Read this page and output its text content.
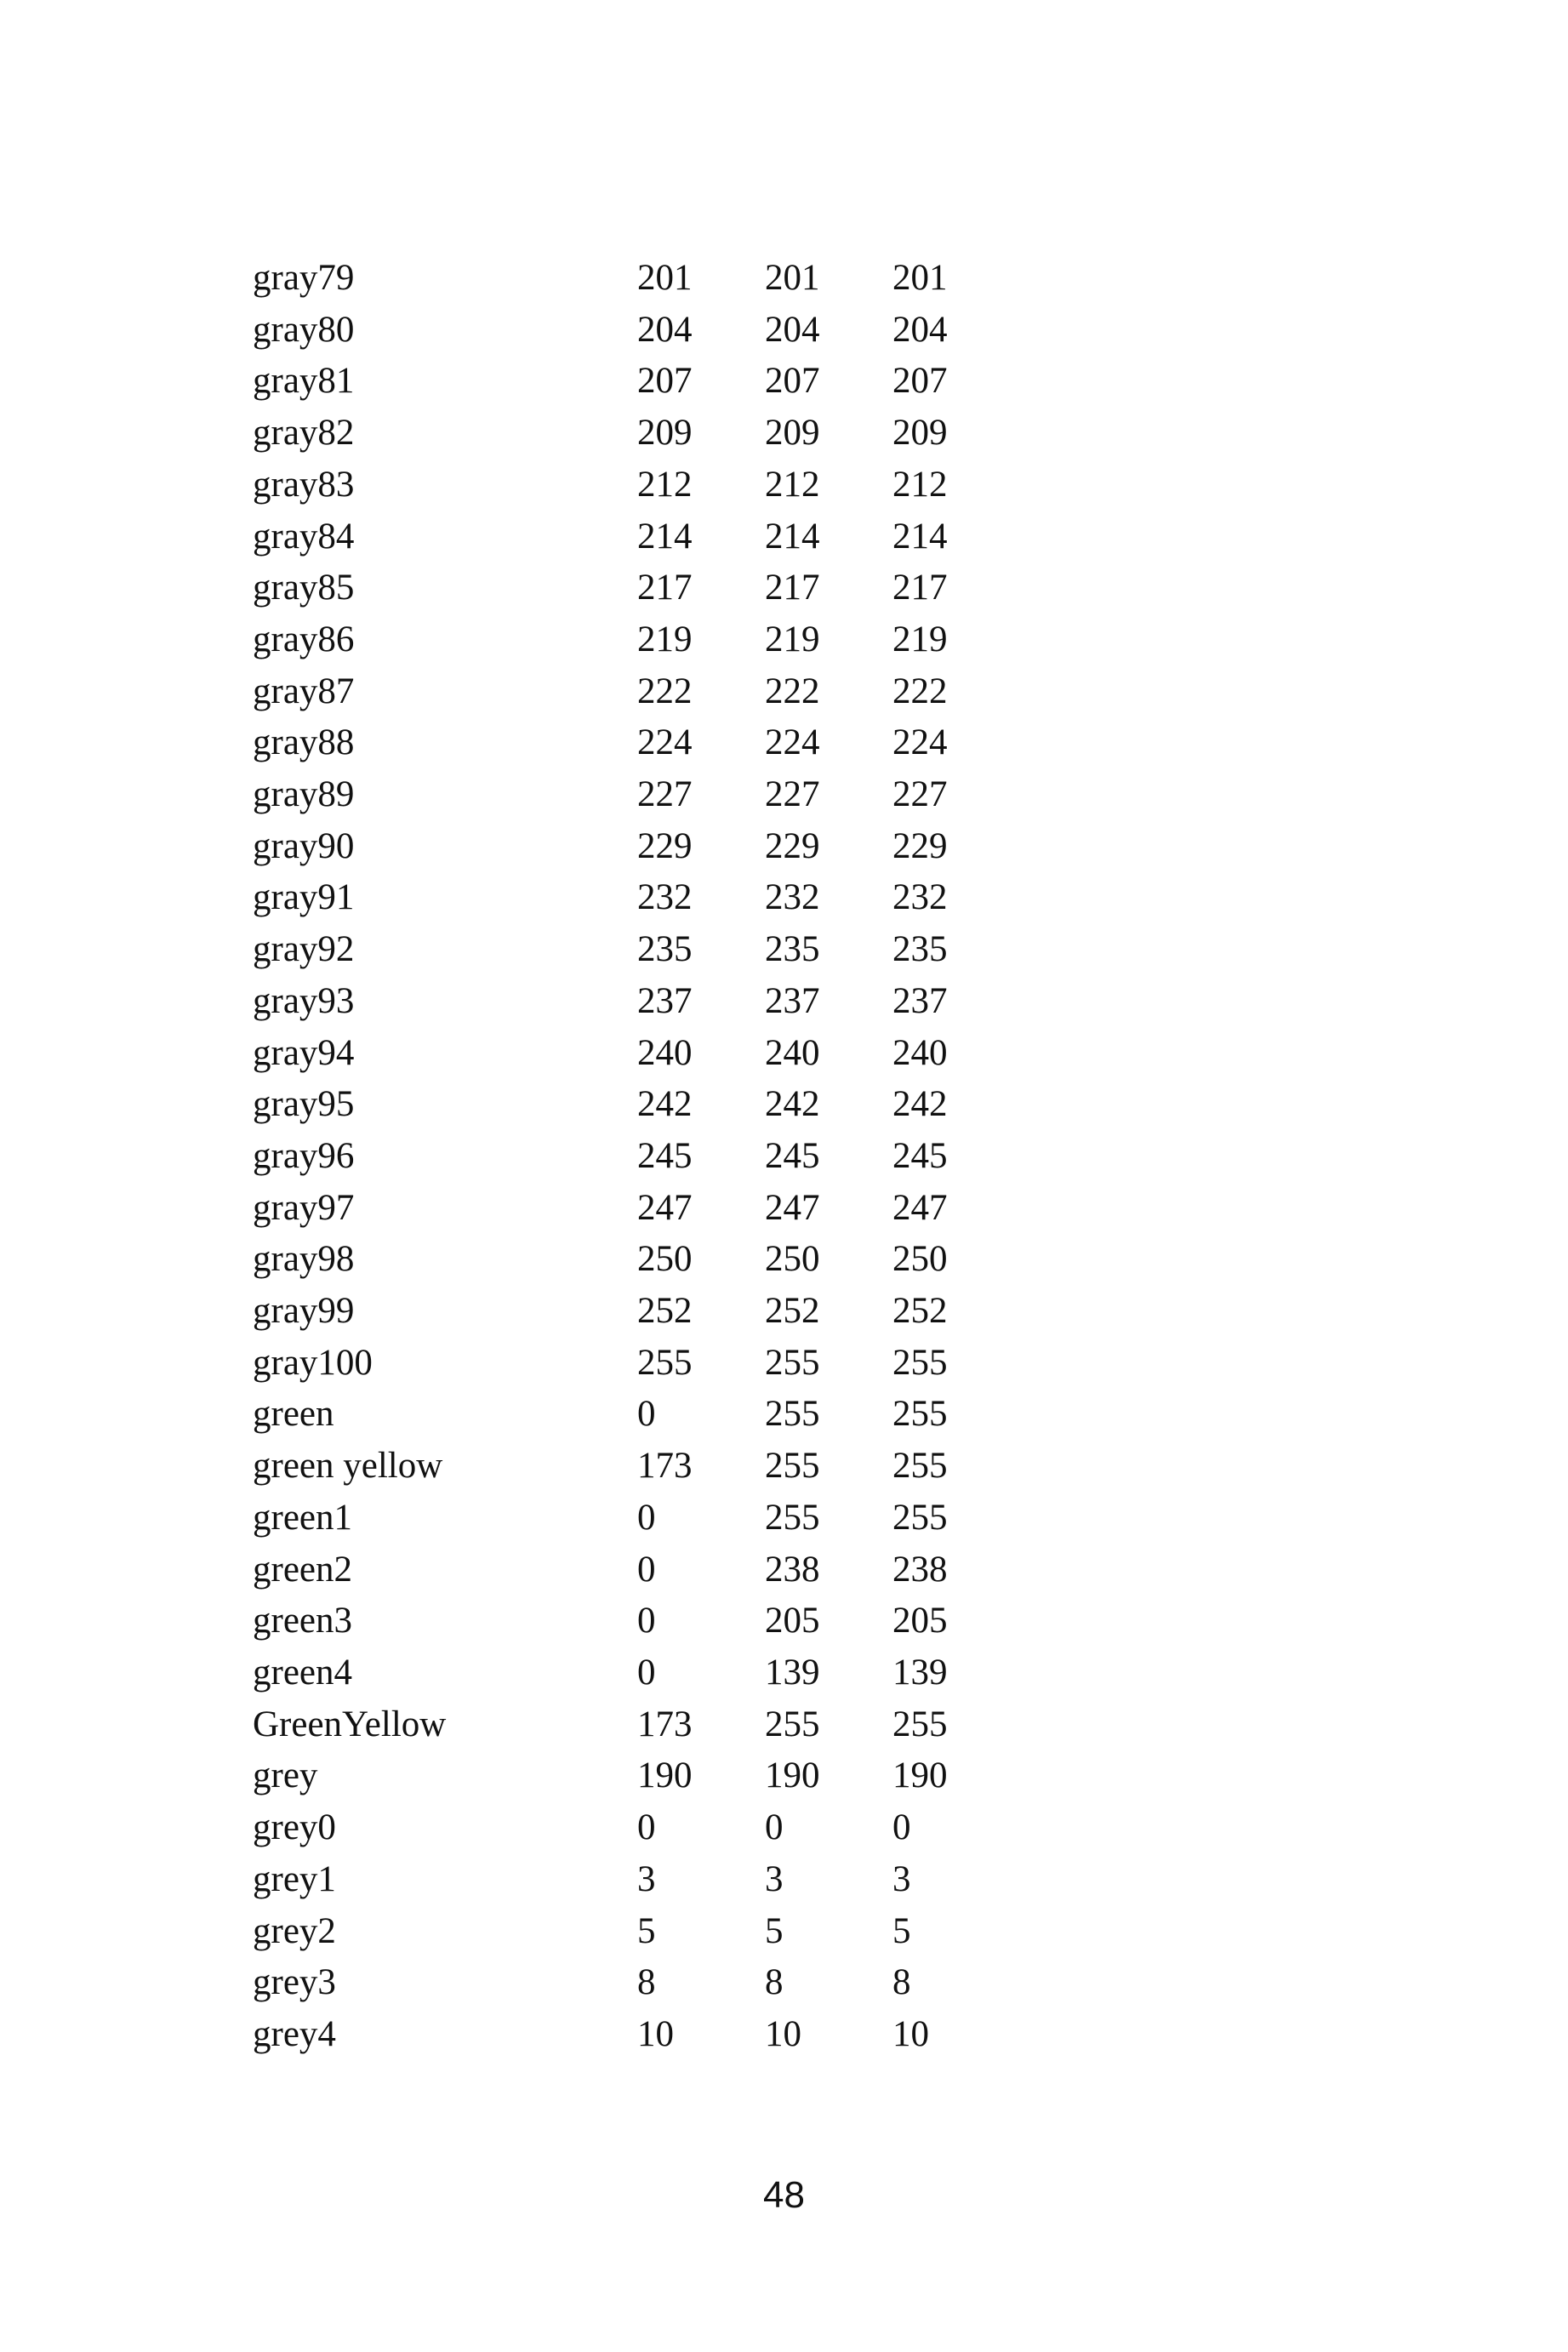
gray79	201	201	201
gray80	204	204	204
gray81	207	207	207
gray82	209	209	209
gray83	212	212	212
gray84	214	214	214
gray85	217	217	217
gray86	219	219	219
gray87	222	222	222
gray88	224	224	224
gray89	227	227	227
gray90	229	229	229
gray91	232	232	232
gray92	235	235	235
gray93	237	237	237
gray94	240	240	240
gray95	242	242	242
gray96	245	245	245
gray97	247	247	247
gray98	250	250	250
gray99	252	252	252
gray100	255	255	255
green	0	255	255
green yellow	173	255	255
green1	0	255	255
green2	0	238	238
green3	0	205	205
green4	0	139	139
GreenYellow	173	255	255
grey	190	190	190
grey0	0	0	0
grey1	3	3	3
grey2	5	5	5
grey3	8	8	8
grey4	10	10	10
48
